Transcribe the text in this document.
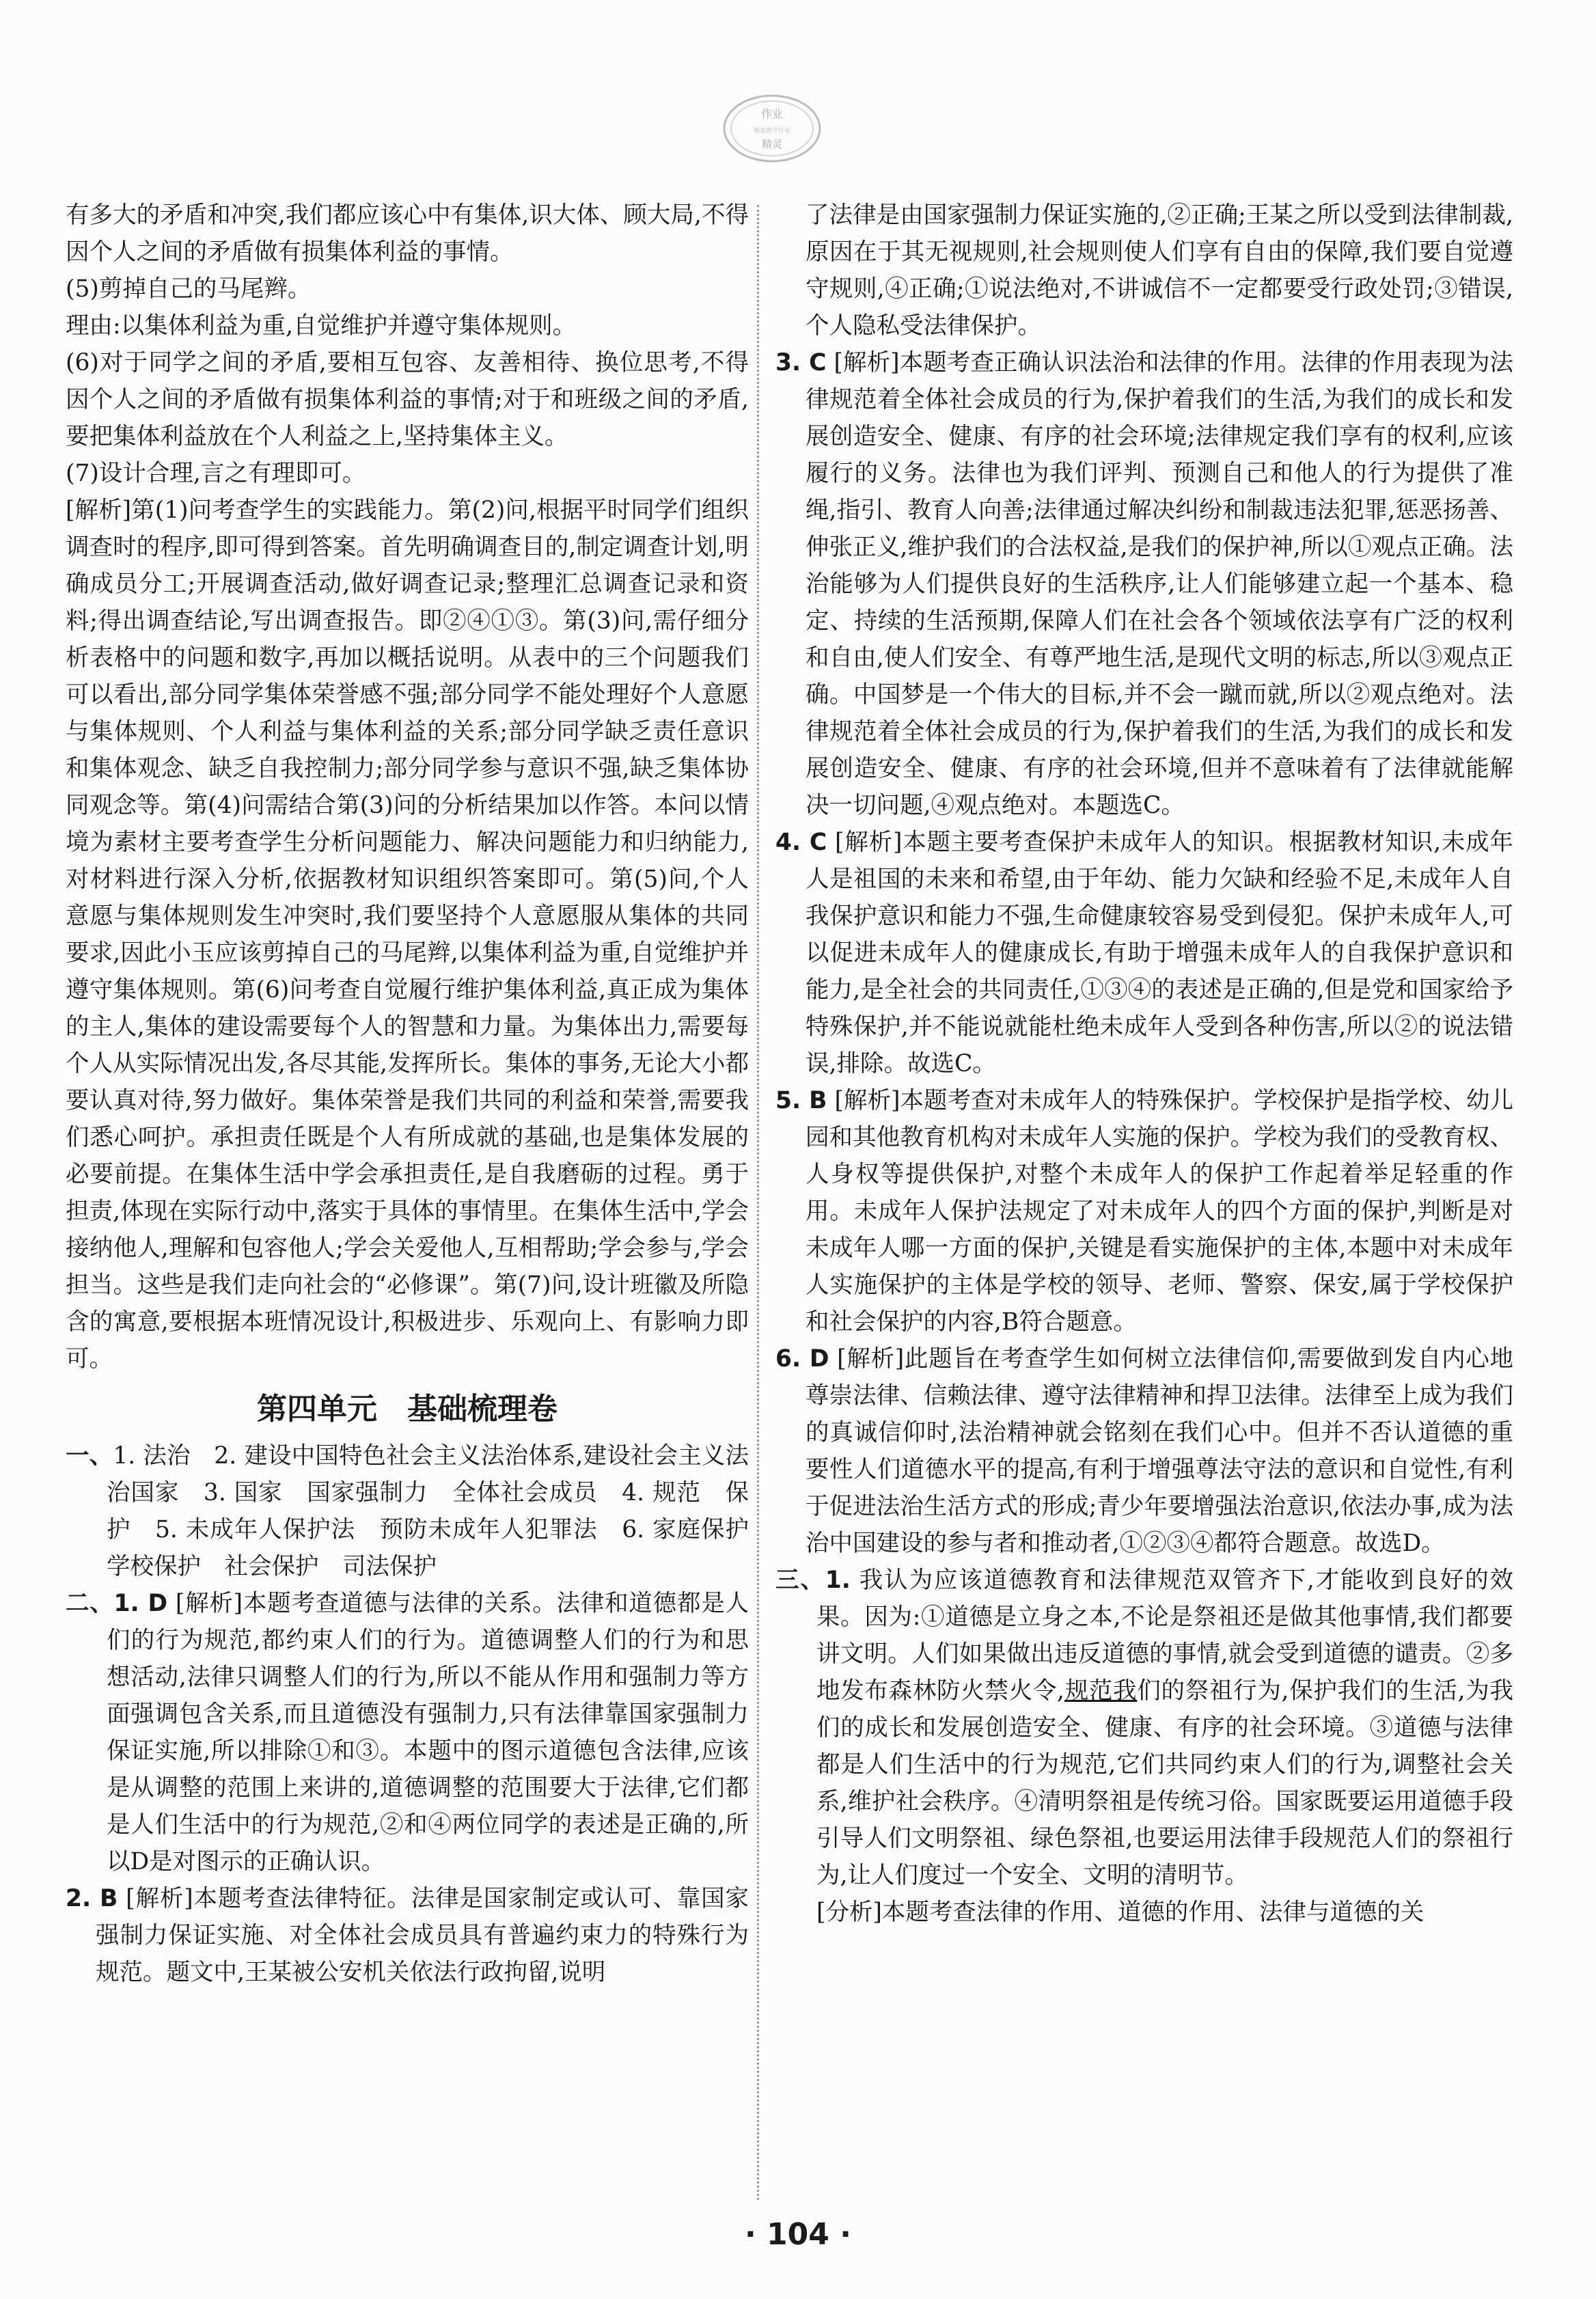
作业
精准教学作业
精灵

有多大的矛盾和冲突,我们都应该心中有集体,识大体、顾大局,不得因个人之间的矛盾做有损集体利益的事情。

(5)剪掉自己的马尾辫。

理由:以集体利益为重,自觉维护并遵守集体规则。

(6)对于同学之间的矛盾,要相互包容、友善相待、换位思考,不得因个人之间的矛盾做有损集体利益的事情;对于和班级之间的矛盾,要把集体利益放在个人利益之上,坚持集体主义。

(7)设计合理,言之有理即可。

[解析]第(1)问考查学生的实践能力。第(2)问,根据平时同学们组织调查时的程序,即可得到答案。首先明确调查目的,制定调查计划,明确成员分工;开展调查活动,做好调查记录;整理汇总调查记录和资料;得出调查结论,写出调查报告。即②④①③。第(3)问,需仔细分析表格中的问题和数字,再加以概括说明。从表中的三个问题我们可以看出,部分同学集体荣誉感不强;部分同学不能处理好个人意愿与集体规则、个人利益与集体利益的关系;部分同学缺乏责任意识和集体观念、缺乏自我控制力;部分同学参与意识不强,缺乏集体协同观念等。第(4)问需结合第(3)问的分析结果加以作答。本问以情境为素材主要考查学生分析问题能力、解决问题能力和归纳能力,对材料进行深入分析,依据教材知识组织答案即可。第(5)问,个人意愿与集体规则发生冲突时,我们要坚持个人意愿服从集体的共同要求,因此小玉应该剪掉自己的马尾辫,以集体利益为重,自觉维护并遵守集体规则。第(6)问考查自觉履行维护集体利益,真正成为集体的主人,集体的建设需要每个人的智慧和力量。为集体出力,需要每个人从实际情况出发,各尽其能,发挥所长。集体的事务,无论大小都要认真对待,努力做好。集体荣誉是我们共同的利益和荣誉,需要我们悉心呵护。承担责任既是个人有所成就的基础,也是集体发展的必要前提。在集体生活中学会承担责任,是自我磨砺的过程。勇于担责,体现在实际行动中,落实于具体的事情里。在集体生活中,学会接纳他人,理解和包容他人;学会关爱他人,互相帮助;学会参与,学会担当。这些是我们走向社会的“必修课”。第(7)问,设计班徽及所隐含的寓意,要根据本班情况设计,积极进步、乐观向上、有影响力即可。

第四单元　基础梳理卷

一、1. 法治　2. 建设中国特色社会主义法治体系,建设社会主义法治国家　3. 国家　国家强制力　全体社会成员　4. 规范　保护　5. 未成年人保护法　预防未成年人犯罪法　6. 家庭保护　学校保护　社会保护　司法保护

二、1. D [解析]本题考查道德与法律的关系。法律和道德都是人们的行为规范,都约束人们的行为。道德调整人们的行为和思想活动,法律只调整人们的行为,所以不能从作用和强制力等方面强调包含关系,而且道德没有强制力,只有法律靠国家强制力保证实施,所以排除①和③。本题中的图示道德包含法律,应该是从调整的范围上来讲的,道德调整的范围要大于法律,它们都是人们生活中的行为规范,②和④两位同学的表述是正确的,所以D是对图示的正确认识。

2. B [解析]本题考查法律特征。法律是国家制定或认可、靠国家强制力保证实施、对全体社会成员具有普遍约束力的特殊行为规范。题文中,王某被公安机关依法行政拘留,说明

了法律是由国家强制力保证实施的,②正确;王某之所以受到法律制裁,原因在于其无视规则,社会规则使人们享有自由的保障,我们要自觉遵守规则,④正确;①说法绝对,不讲诚信不一定都要受行政处罚;③错误,个人隐私受法律保护。

3. C [解析]本题考查正确认识法治和法律的作用。法律的作用表现为法律规范着全体社会成员的行为,保护着我们的生活,为我们的成长和发展创造安全、健康、有序的社会环境;法律规定我们享有的权利,应该履行的义务。法律也为我们评判、预测自己和他人的行为提供了准绳,指引、教育人向善;法律通过解决纠纷和制裁违法犯罪,惩恶扬善、伸张正义,维护我们的合法权益,是我们的保护神,所以①观点正确。法治能够为人们提供良好的生活秩序,让人们能够建立起一个基本、稳定、持续的生活预期,保障人们在社会各个领域依法享有广泛的权利和自由,使人们安全、有尊严地生活,是现代文明的标志,所以③观点正确。中国梦是一个伟大的目标,并不会一蹴而就,所以②观点绝对。法律规范着全体社会成员的行为,保护着我们的生活,为我们的成长和发展创造安全、健康、有序的社会环境,但并不意味着有了法律就能解决一切问题,④观点绝对。本题选C。

4. C [解析]本题主要考查保护未成年人的知识。根据教材知识,未成年人是祖国的未来和希望,由于年幼、能力欠缺和经验不足,未成年人自我保护意识和能力不强,生命健康较容易受到侵犯。保护未成年人,可以促进未成年人的健康成长,有助于增强未成年人的自我保护意识和能力,是全社会的共同责任,①③④的表述是正确的,但是党和国家给予特殊保护,并不能说就能杜绝未成年人受到各种伤害,所以②的说法错误,排除。故选C。

5. B [解析]本题考查对未成年人的特殊保护。学校保护是指学校、幼儿园和其他教育机构对未成年人实施的保护。学校为我们的受教育权、人身权等提供保护,对整个未成年人的保护工作起着举足轻重的作用。未成年人保护法规定了对未成年人的四个方面的保护,判断是对未成年人哪一方面的保护,关键是看实施保护的主体,本题中对未成年人实施保护的主体是学校的领导、老师、警察、保安,属于学校保护和社会保护的内容,B符合题意。

6. D [解析]此题旨在考查学生如何树立法律信仰,需要做到发自内心地尊崇法律、信赖法律、遵守法律精神和捍卫法律。法律至上成为我们的真诚信仰时,法治精神就会铭刻在我们心中。但并不否认道德的重要性人们道德水平的提高,有利于增强尊法守法的意识和自觉性,有利于促进法治生活方式的形成;青少年要增强法治意识,依法办事,成为法治中国建设的参与者和推动者,①②③④都符合题意。故选D。

三、1. 我认为应该道德教育和法律规范双管齐下,才能收到良好的效果。因为:①道德是立身之本,不论是祭祖还是做其他事情,我们都要讲文明。人们如果做出违反道德的事情,就会受到道德的谴责。②多地发布森林防火禁火令,规范我们的祭祖行为,保护我们的生活,为我们的成长和发展创造安全、健康、有序的社会环境。③道德与法律都是人们生活中的行为规范,它们共同约束人们的行为,调整社会关系,维护社会秩序。④清明祭祖是传统习俗。国家既要运用道德手段引导人们文明祭祖、绿色祭祖,也要运用法律手段规范人们的祭祖行为,让人们度过一个安全、文明的清明节。

[分析]本题考查法律的作用、道德的作用、法律与道德的关

· 104 ·
